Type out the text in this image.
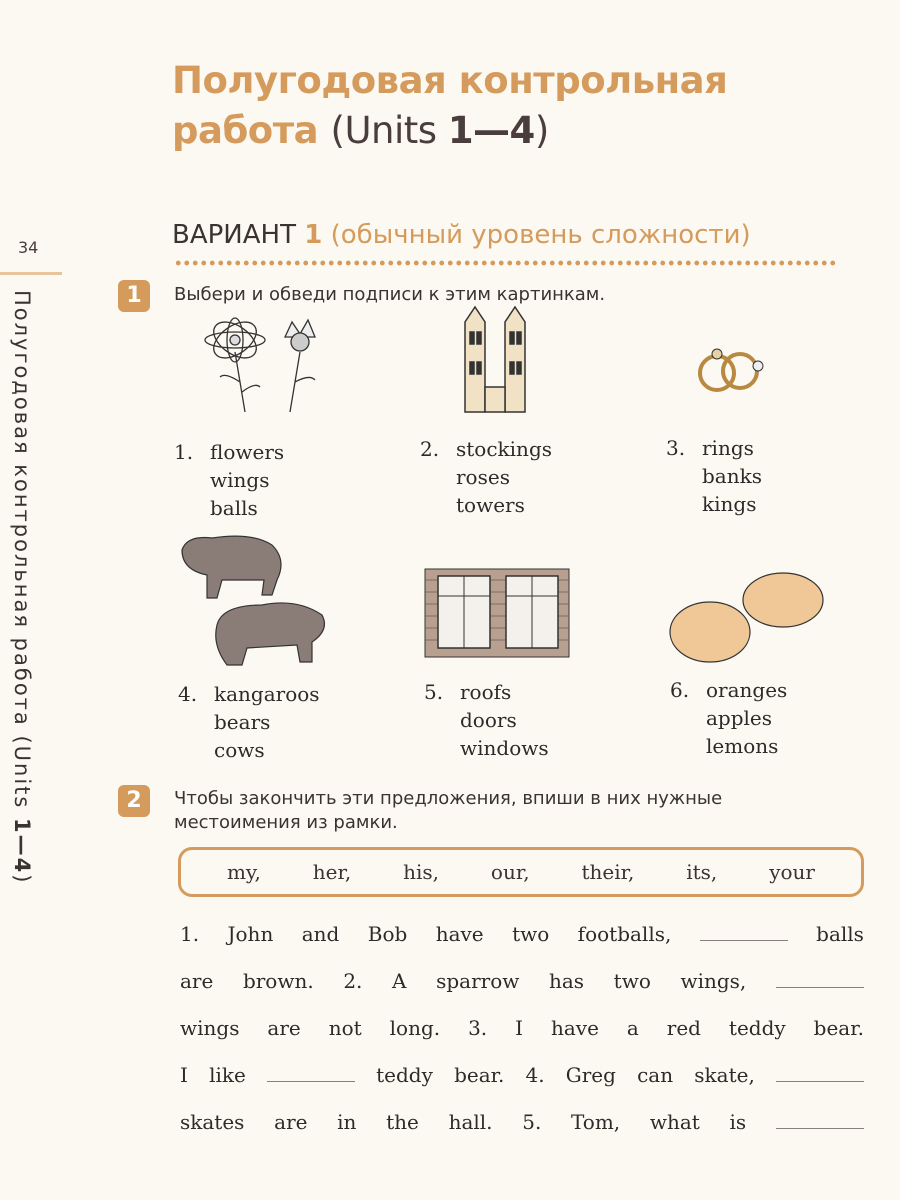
34
Полугодовая контрольная работа (Units 1—4)
Полугодовая контрольная
работа (Units 1—4)
ВАРИАНТ 1 (обычный уровень сложности)
1	Выбери и обведи подписи к этим картинкам.
1. flowers
wings
balls
2. stockings
roses
towers
3. rings
banks
kings
4. kangaroos
bears
cows
5. roofs
doors
windows
6. oranges
apples
lemons
2	Чтобы закончить эти предложения, впиши в них нужные
местоимения из рамки.
my,	her,	his,	our,	their,	its,	your
1. John and Bob have two footballs,	balls
are brown. 2. A sparrow has two wings,
wings are not long. 3. I have a red teddy bear.
I like	teddy bear. 4. Greg can skate,
skates are in the hall. 5. Tom, what is
